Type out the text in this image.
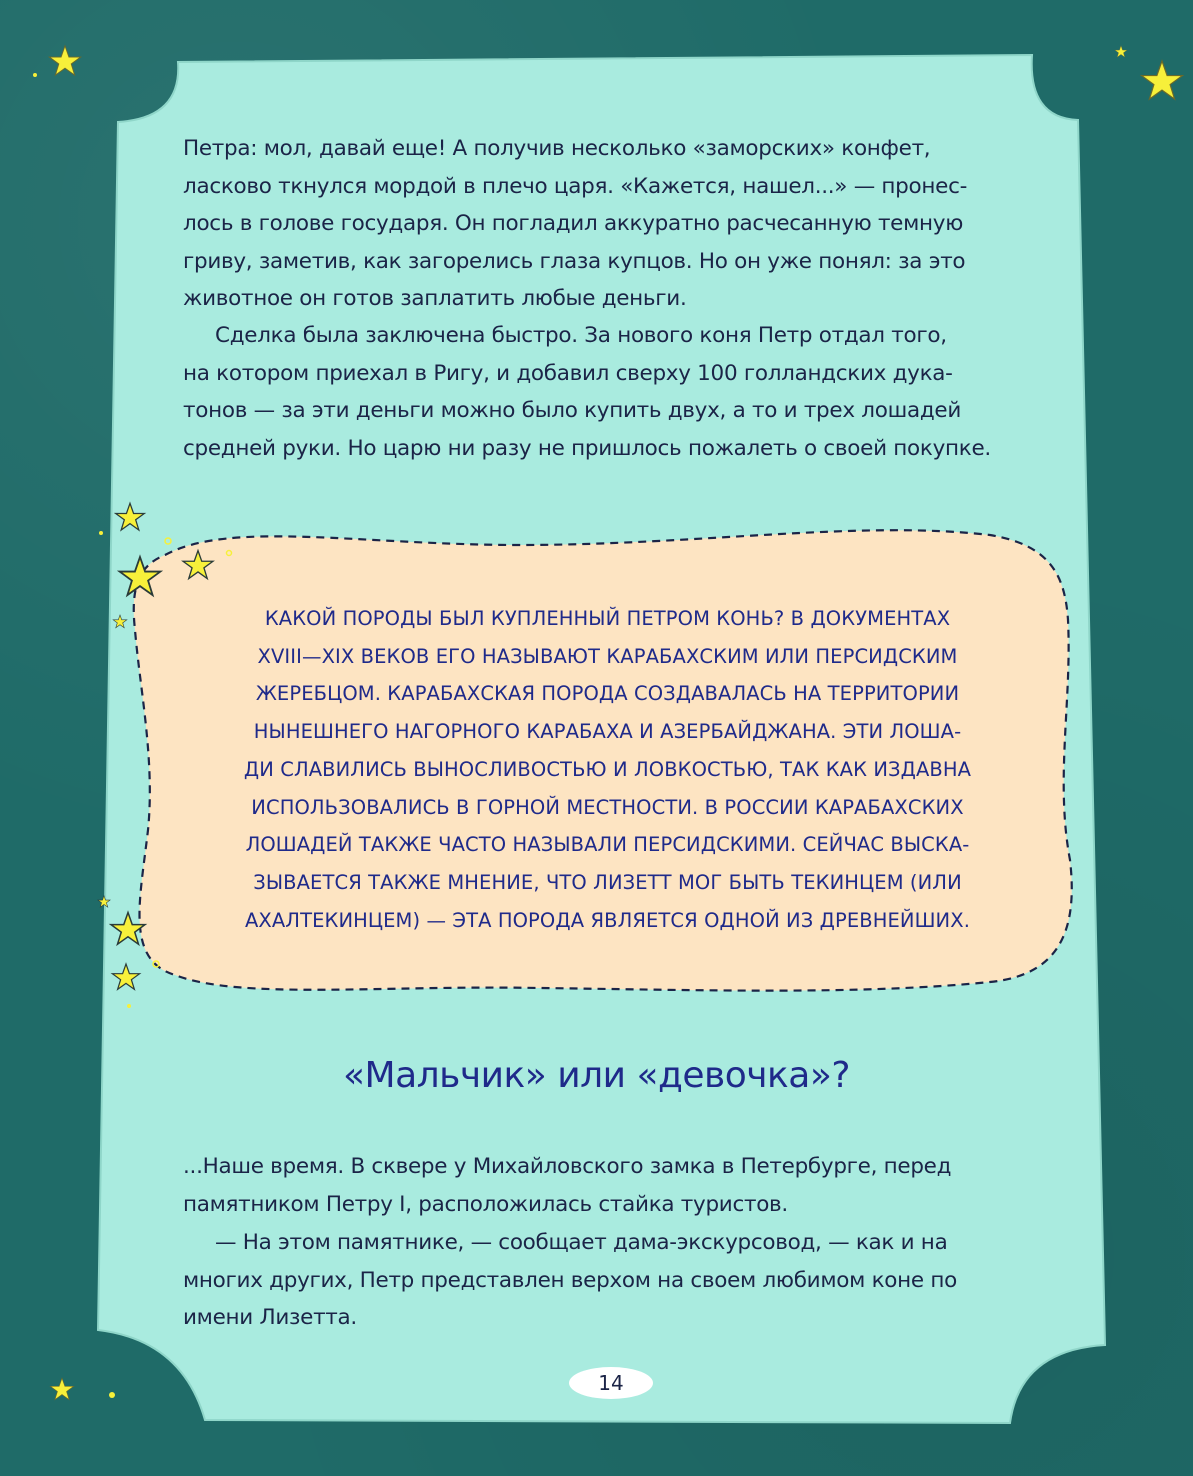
Петра: мол, давай еще! А получив несколько «заморских» конфет,
ласково ткнулся мордой в плечо царя. «Кажется, нашел...» — пронес-
лось в голове государя. Он погладил аккуратно расчесанную темную
гриву, заметив, как загорелись глаза купцов. Но он уже понял: за это
животное он готов заплатить любые деньги.
Сделка была заключена быстро. За нового коня Петр отдал того,
на котором приехал в Ригу, и добавил сверху 100 голландских дука-
тонов — за эти деньги можно было купить двух, а то и трех лошадей
средней руки. Но царю ни разу не пришлось пожалеть о своей покупке.
КАКОЙ ПОРОДЫ БЫЛ КУПЛЕННЫЙ ПЕТРОМ КОНЬ? В ДОКУМЕНТАХ
XVIII—XIX ВЕКОВ ЕГО НАЗЫВАЮТ КАРАБАХСКИМ ИЛИ ПЕРСИДСКИМ
ЖЕРЕБЦОМ. КАРАБАХСКАЯ ПОРОДА СОЗДАВАЛАСЬ НА ТЕРРИТОРИИ
НЫНЕШНЕГО НАГОРНОГО КАРАБАХА И АЗЕРБАЙДЖАНА. ЭТИ ЛОША-
ДИ СЛАВИЛИСЬ ВЫНОСЛИВОСТЬЮ И ЛОВКОСТЬЮ, ТАК КАК ИЗДАВНА
ИСПОЛЬЗОВАЛИСЬ В ГОРНОЙ МЕСТНОСТИ. В РОССИИ КАРАБАХСКИХ
ЛОШАДЕЙ ТАКЖЕ ЧАСТО НАЗЫВАЛИ ПЕРСИДСКИМИ. СЕЙЧАС ВЫСКА-
ЗЫВАЕТСЯ ТАКЖЕ МНЕНИЕ, ЧТО ЛИЗЕТТ МОГ БЫТЬ ТЕКИНЦЕМ (ИЛИ
АХАЛТЕКИНЦЕМ) — ЭТА ПОРОДА ЯВЛЯЕТСЯ ОДНОЙ ИЗ ДРЕВНЕЙШИХ.
«Мальчик» или «девочка»?
...Наше время. В сквере у Михайловского замка в Петербурге, перед
памятником Петру I, расположилась стайка туристов.
— На этом памятнике, — сообщает дама-экскурсовод, — как и на
многих других, Петр представлен верхом на своем любимом коне по
имени Лизетта.
14
